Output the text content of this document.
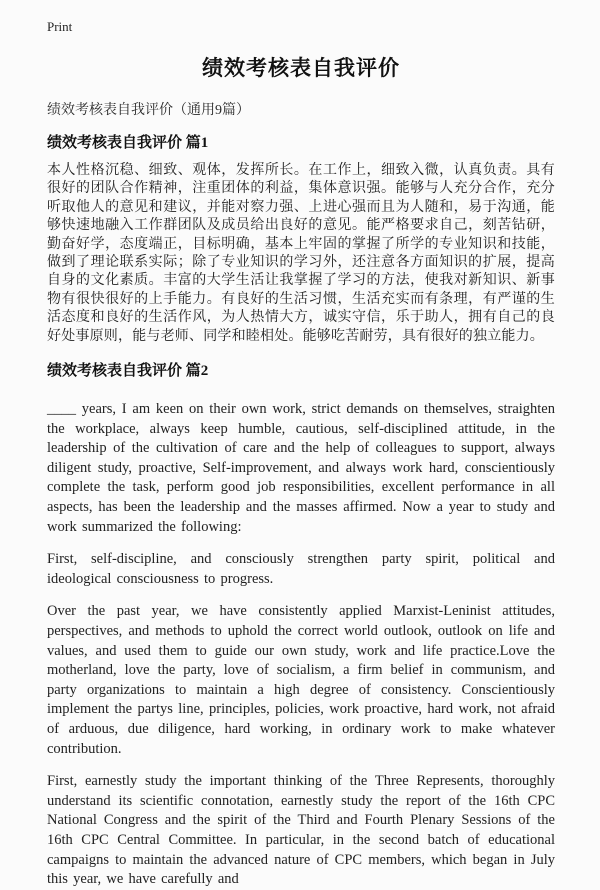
Print
绩效考核表自我评价

绩效考核表自我评价（通用9篇）

绩效考核表自我评价 篇1

本人性格沉稳、细致、观体，发挥所长。在工作上，细致入微，认真负责。具有很好的团队合作精神，注重团体的利益，集体意识强。能够与人充分合作，充分听取他人的意见和建议，并能对察力强、上进心强而且为人随和，易于沟通，能够快速地融入工作群团队及成员给出良好的意见。能严格要求自己，刻苦钻研，勤奋好学，态度端正，目标明确，基本上牢固的掌握了所学的专业知识和技能，做到了理论联系实际；除了专业知识的学习外，还注意各方面知识的扩展，提高自身的文化素质。丰富的大学生活让我掌握了学习的方法，使我对新知识、新事物有很快很好的上手能力。有良好的生活习惯，生活充实而有条理，有严谨的生活态度和良好的生活作风，为人热情大方，诚实守信，乐于助人，拥有自己的良好处事原则，能与老师、同学和睦相处。能够吃苦耐劳，具有很好的独立能力。

绩效考核表自我评价 篇2

____ years, I am keen on their own work, strict demands on themselves, straighten the workplace, always keep humble, cautious, self-disciplined attitude, in the leadership of the cultivation of care and the help of colleagues to support, always diligent study, proactive, Self-improvement, and always work hard, conscientiously complete the task, perform good job responsibilities, excellent performance in all aspects, has been the leadership and the masses affirmed. Now a year to study and work summarized the following:

First, self-discipline, and consciously strengthen party spirit, political and ideological consciousness to progress.

Over the past year, we have consistently applied Marxist-Leninist attitudes, perspectives, and methods to uphold the correct world outlook, outlook on life and values, and used them to guide our own study, work and life practice.Love the motherland, love the party, love of socialism, a firm belief in communism, and party organizations to maintain a high degree of consistency. Conscientiously implement the partys line, principles, policies, work proactive, hard work, not afraid of arduous, due diligence, hard working, in ordinary work to make whatever contribution.

First, earnestly study the important thinking of the Three Represents, thoroughly understand its scientific connotation, earnestly study the report of the 16th CPC National Congress and the spirit of the Third and Fourth Plenary Sessions of the 16th CPC Central Committee. In particular, in the second batch of educational campaigns to maintain the advanced nature of CPC members, which began in July this year, we have carefully and
